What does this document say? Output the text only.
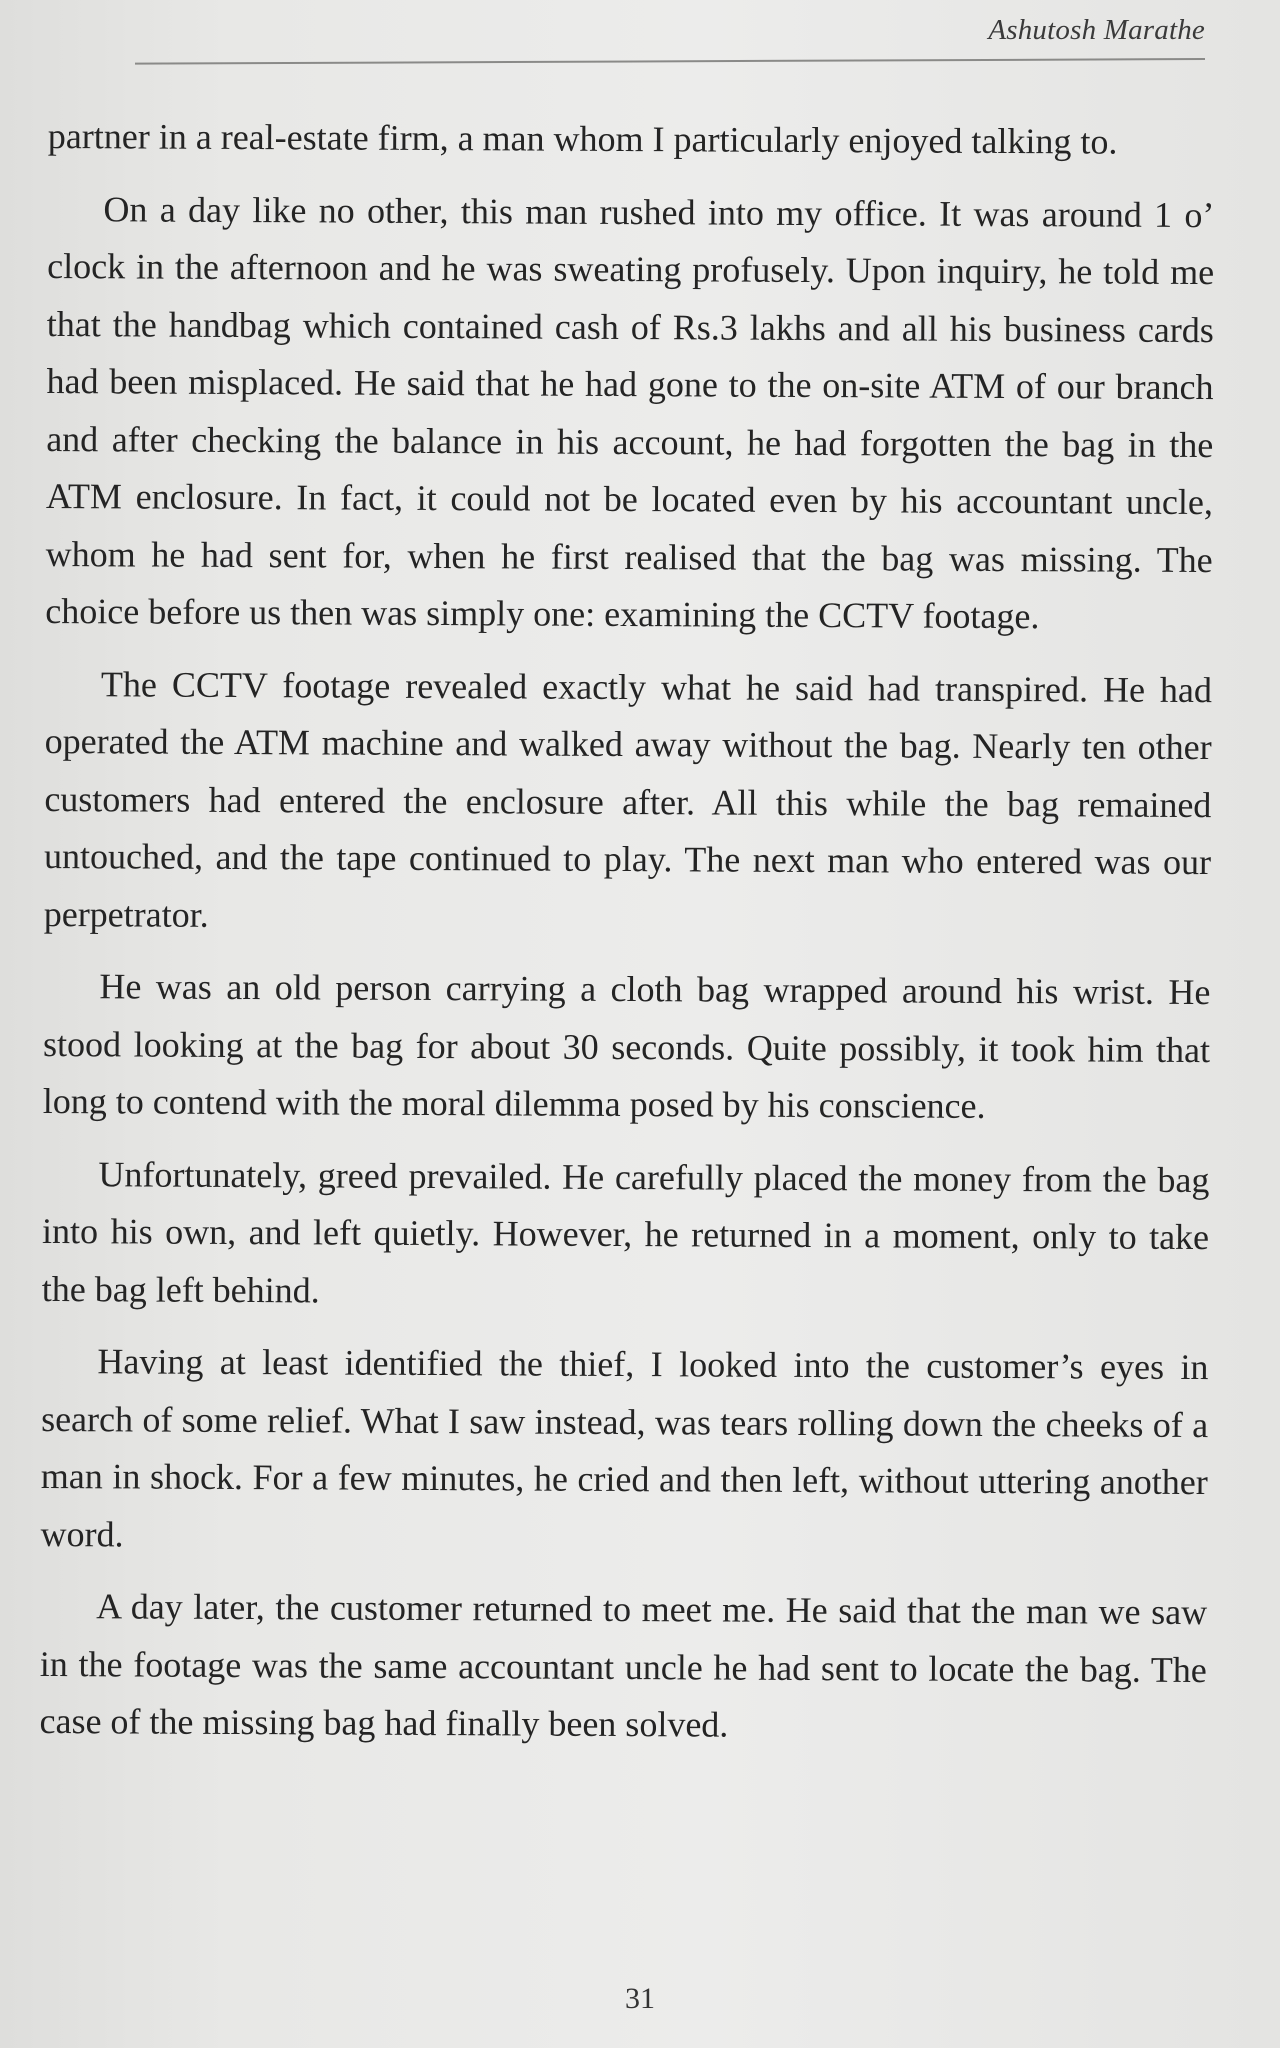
Ashutosh Marathe

partner in a real-estate firm, a man whom I particularly enjoyed talking to.

On a day like no other, this man rushed into my office. It was around 1 o’ clock in the afternoon and he was sweating profusely. Upon inquiry, he told me that the handbag which contained cash of Rs.3 lakhs and all his business cards had been misplaced. He said that he had gone to the on-site ATM of our branch and after checking the balance in his account, he had forgotten the bag in the ATM enclosure. In fact, it could not be located even by his accountant uncle, whom he had sent for, when he first realised that the bag was missing. The choice before us then was simply one: examining the CCTV footage.

The CCTV footage revealed exactly what he said had transpired. He had operated the ATM machine and walked away without the bag. Nearly ten other customers had entered the enclosure after. All this while the bag remained untouched, and the tape continued to play. The next man who entered was our perpetrator.

He was an old person carrying a cloth bag wrapped around his wrist. He stood looking at the bag for about 30 seconds. Quite possibly, it took him that long to contend with the moral dilemma posed by his conscience.

Unfortunately, greed prevailed. He carefully placed the money from the bag into his own, and left quietly. However, he returned in a moment, only to take the bag left behind.

Having at least identified the thief, I looked into the customer’s eyes in search of some relief. What I saw instead, was tears rolling down the cheeks of a man in shock. For a few minutes, he cried and then left, without uttering another word.

A day later, the customer returned to meet me. He said that the man we saw in the footage was the same accountant uncle he had sent to locate the bag. The case of the missing bag had finally been solved.

31
